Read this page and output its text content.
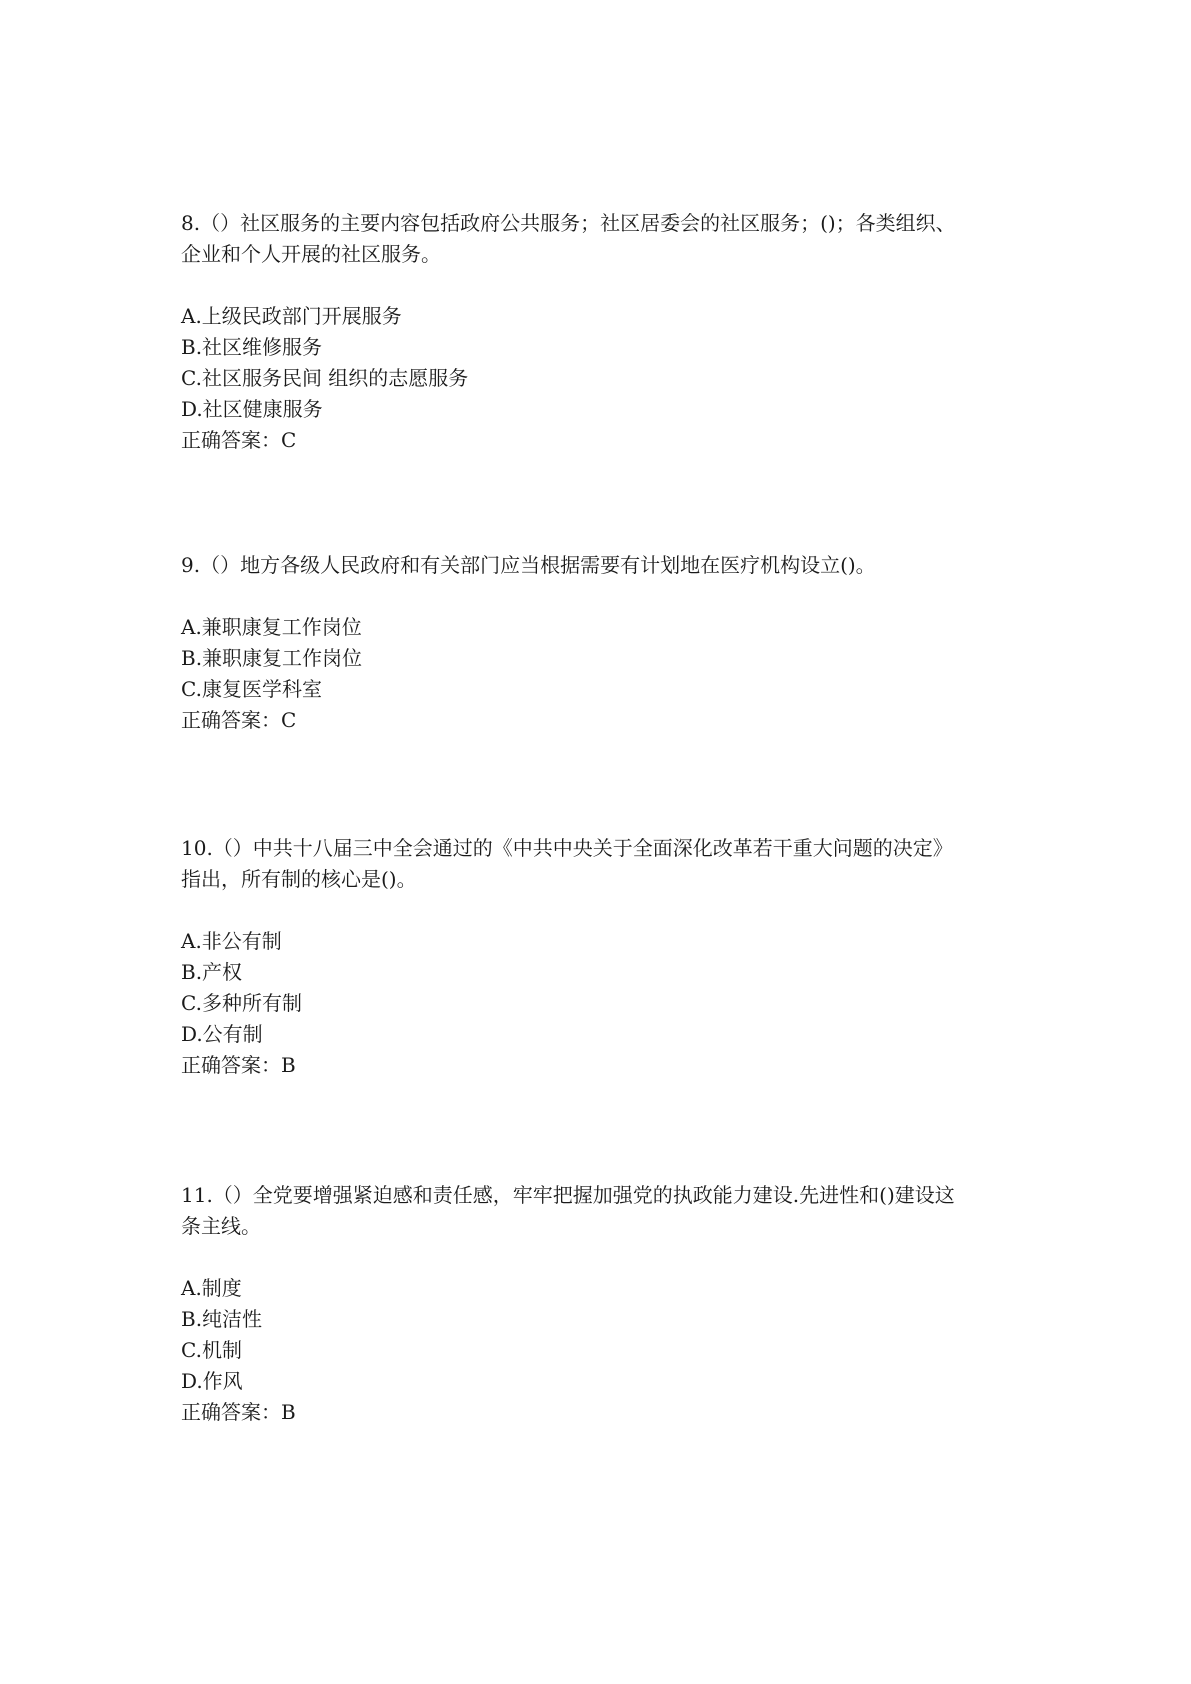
8.（）社区服务的主要内容包括政府公共服务；社区居委会的社区服务；()；各类组织、
企业和个人开展的社区服务。

A.上级民政部门开展服务
B.社区维修服务
C.社区服务民间 组织的志愿服务
D.社区健康服务
正确答案：C

9.（）地方各级人民政府和有关部门应当根据需要有计划地在医疗机构设立()。

A.兼职康复工作岗位
B.兼职康复工作岗位
C.康复医学科室
正确答案：C

10.（）中共十八届三中全会通过的《中共中央关于全面深化改革若干重大问题的决定》
指出，所有制的核心是()。

A.非公有制
B.产权
C.多种所有制
D.公有制
正确答案：B

11.（）全党要增强紧迫感和责任感，牢牢把握加强党的执政能力建设.先进性和()建设这
条主线。

A.制度
B.纯洁性
C.机制
D.作风
正确答案：B
